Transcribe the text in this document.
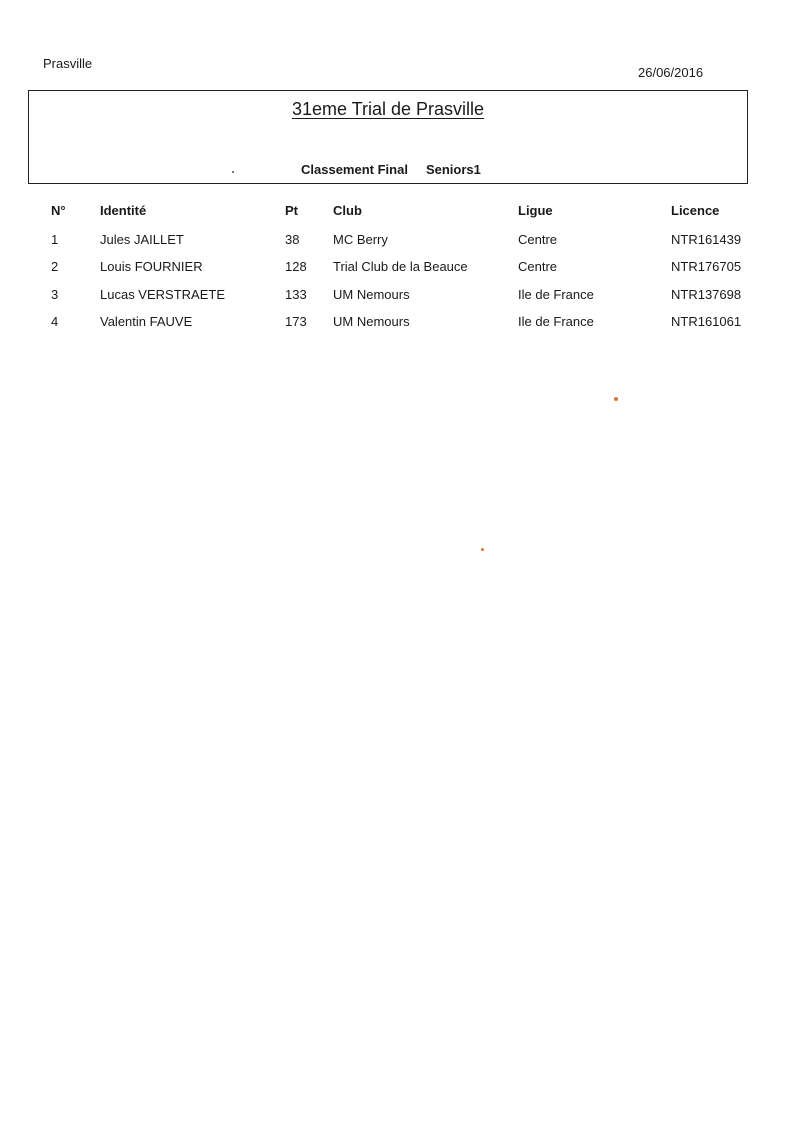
Prasville
26/06/2016
31eme Trial de Prasville
Classement Final Seniors1
N°	Identité	Pt	Club	Ligue	Licence
1	Jules JAILLET	38	MC Berry	Centre	NTR161439
2	Louis FOURNIER	128	Trial Club de la Beauce	Centre	NTR176705
3	Lucas VERSTRAETE	133	UM Nemours	Ile de France	NTR137698
4	Valentin FAUVE	173	UM Nemours	Ile de France	NTR161061
